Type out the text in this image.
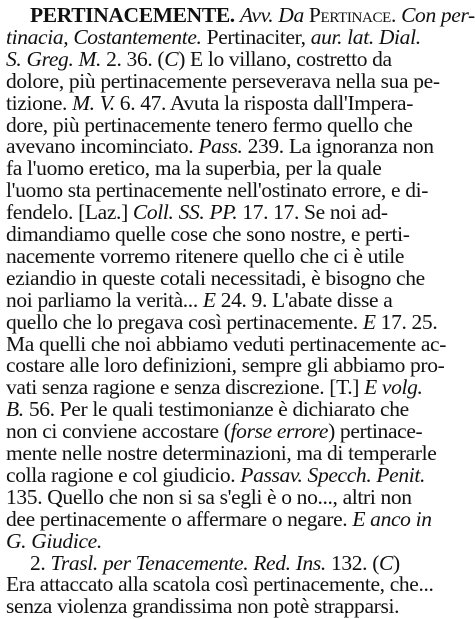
PERTINACEMENTE. Avv. Da Pertinace. Con per-
tinacia, Costantemente. Pertinaciter, aur. lat. Dial.
S. Greg. M. 2. 36. (C) E lo villano, costretto da
dolore, più pertinacemente perseverava nella sua pe-
tizione. M. V. 6. 47. Avuta la risposta dall'Impera-
dore, più pertinacemente tenero fermo quello che
avevano incominciato. Pass. 239. La ignoranza non
fa l'uomo eretico, ma la superbia, per la quale
l'uomo sta pertinacemente nell'ostinato errore, e di-
fendelo. [Laz.] Coll. SS. PP. 17. 17. Se noi ad-
dimandiamo quelle cose che sono nostre, e perti-
nacemente vorremo ritenere quello che ci è utile
eziandio in queste cotali necessitadi, è bisogno che
noi parliamo la verità... E 24. 9. L'abate disse a
quello che lo pregava così pertinacemente. E 17. 25.
Ma quelli che noi abbiamo veduti pertinacemente ac-
costare alle loro definizioni, sempre gli abbiamo pro-
vati senza ragione e senza discrezione. [T.] E volg.
B. 56. Per le quali testimonianze è dichiarato che
non ci conviene accostare (forse errore) pertinace-
mente nelle nostre determinazioni, ma di temperarle
colla ragione e col giudicio. Passav. Specch. Penit.
135. Quello che non si sa s'egli è o no..., altri non
dee pertinacemente o affermare o negare. E anco in
G. Giudice.
2. Trasl. per Tenacemente. Red. Ins. 132. (C)
Era attaccato alla scatola così pertinacemente, che...
senza violenza grandissima non potè strapparsi.
